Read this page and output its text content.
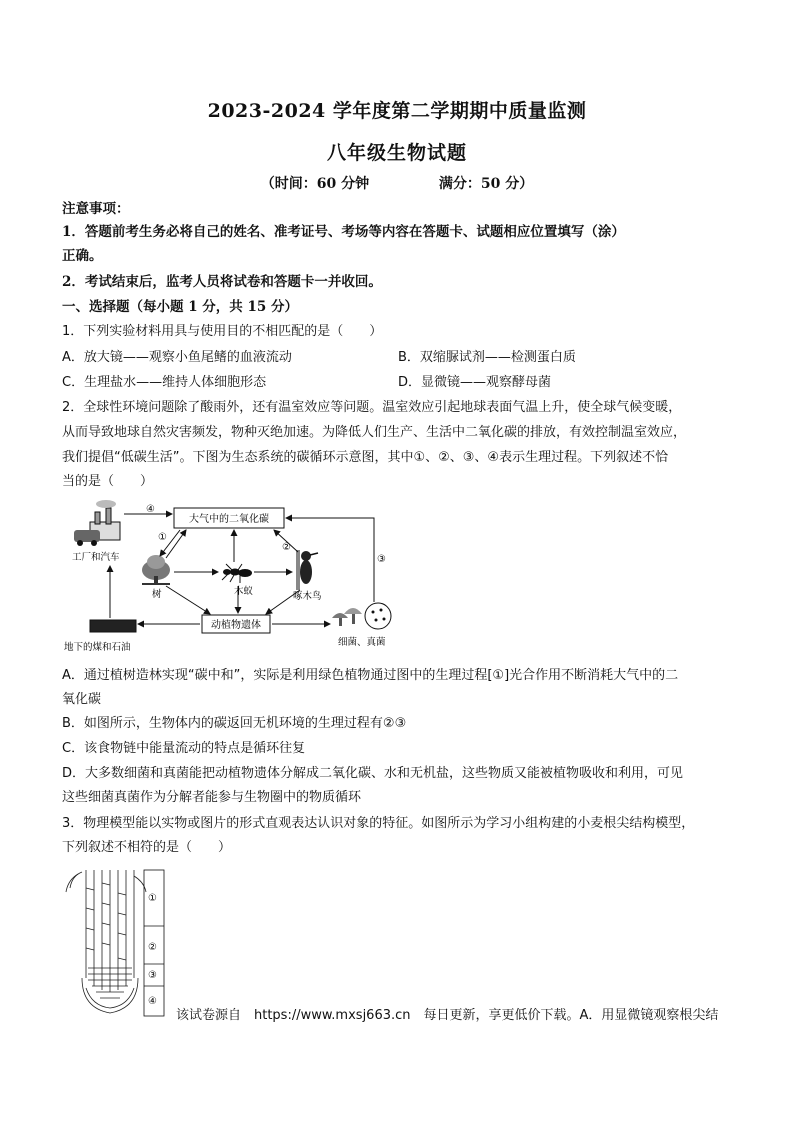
2023-2024 学年度第二学期期中质量监测
八年级生物试题
（时间：60 分钟	满分：50 分）
注意事项：
1．答题前考生务必将自己的姓名、准考证号、考场等内容在答题卡、试题相应位置填写（涂）
正确。
2．考试结束后，监考人员将试卷和答题卡一并收回。
一、选择题（每小题 1 分，共 15 分）
1．下列实验材料用具与使用目的不相匹配的是（　　）
A．放大镜——观察小鱼尾鳍的血液流动	B．双缩脲试剂——检测蛋白质
C．生理盐水——维持人体细胞形态	D．显微镜——观察酵母菌
2．全球性环境问题除了酸雨外，还有温室效应等问题。温室效应引起地球表面气温上升，使全球气候变暖，
从而导致地球自然灾害频发，物种灭绝加速。为降低人们生产、生活中二氧化碳的排放，有效控制温室效应，
我们提倡“低碳生活”。下图为生态系统的碳循环示意图，其中①、②、③、④表示生理过程。下列叙述不恰
当的是（　　）
大气中的二氧化碳
动植物遗体
工厂和汽车
树	木蚁	啄木鸟
地下的煤和石油	细菌、真菌
④
①
②
③
A．通过植树造林实现“碳中和”，实际是利用绿色植物通过图中的生理过程[①]光合作用不断消耗大气中的二
氧化碳
B．如图所示，生物体内的碳返回无机环境的生理过程有②③
C．该食物链中能量流动的特点是循环往复
D．大多数细菌和真菌能把动植物遗体分解成二氧化碳、水和无机盐，这些物质又能被植物吸收和利用，可见
这些细菌真菌作为分解者能参与生物圈中的物质循环
3．物理模型能以实物或图片的形式直观表达认识对象的特征。如图所示为学习小组构建的小麦根尖结构模型，
下列叙述不相符的是（　　）
①
②
③
④
该试卷源自　https://www.mxsj663.cn　每日更新，享更低价下载。A．用显微镜观察根尖结
